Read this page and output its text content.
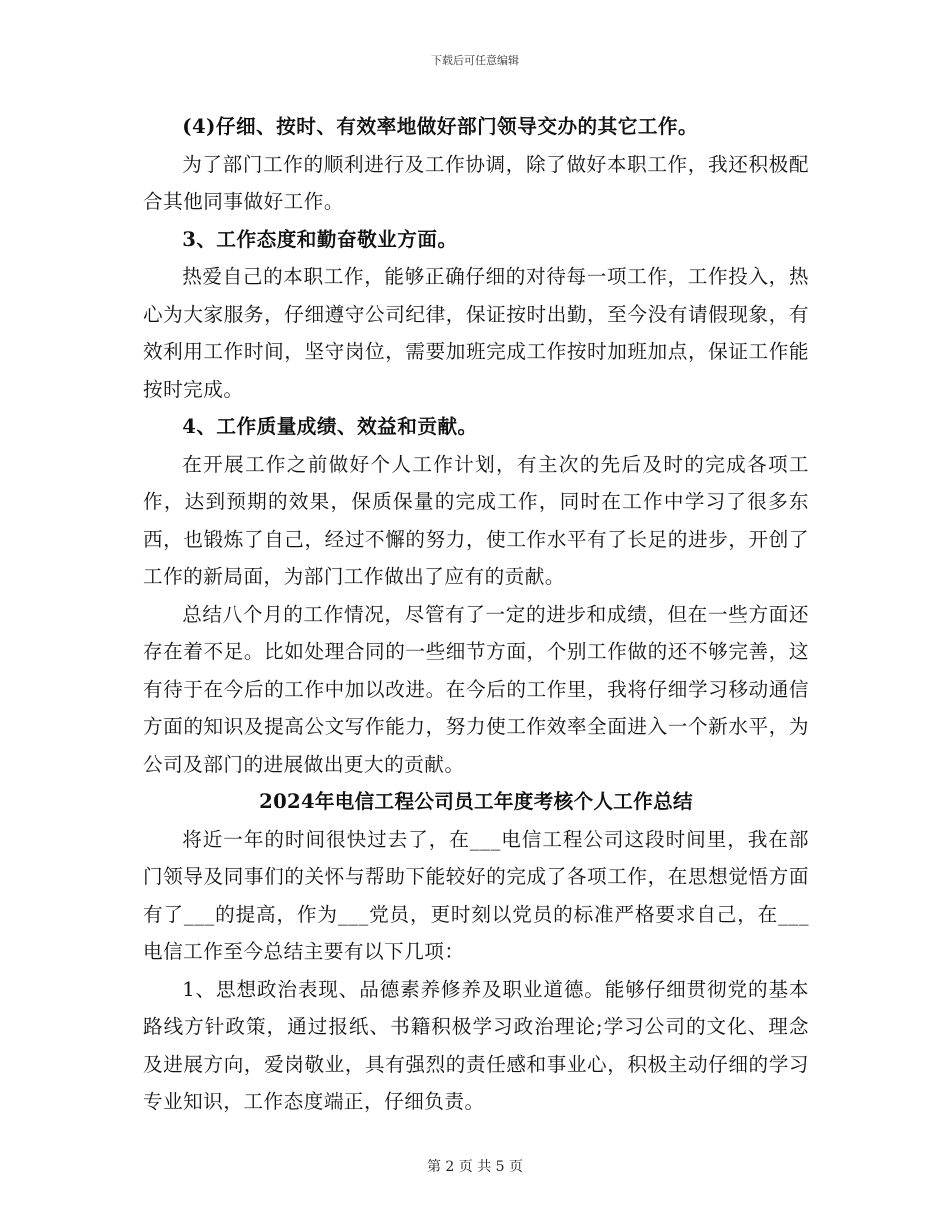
下载后可任意编辑

(4)仔细、按时、有效率地做好部门领导交办的其它工作。

为了部门工作的顺利进行及工作协调，除了做好本职工作，我还积极配合其他同事做好工作。

3、工作态度和勤奋敬业方面。

热爱自己的本职工作，能够正确仔细的对待每一项工作，工作投入，热心为大家服务，仔细遵守公司纪律，保证按时出勤，至今没有请假现象，有效利用工作时间，坚守岗位，需要加班完成工作按时加班加点，保证工作能按时完成。

4、工作质量成绩、效益和贡献。

在开展工作之前做好个人工作计划，有主次的先后及时的完成各项工作，达到预期的效果，保质保量的完成工作，同时在工作中学习了很多东西，也锻炼了自己，经过不懈的努力，使工作水平有了长足的进步，开创了工作的新局面，为部门工作做出了应有的贡献。

总结八个月的工作情况，尽管有了一定的进步和成绩，但在一些方面还存在着不足。比如处理合同的一些细节方面，个别工作做的还不够完善，这有待于在今后的工作中加以改进。在今后的工作里，我将仔细学习移动通信方面的知识及提高公文写作能力，努力使工作效率全面进入一个新水平，为公司及部门的进展做出更大的贡献。

2024年电信工程公司员工年度考核个人工作总结

将近一年的时间很快过去了，在___电信工程公司这段时间里，我在部门领导及同事们的关怀与帮助下能较好的完成了各项工作，在思想觉悟方面有了___的提高，作为___党员，更时刻以党员的标准严格要求自己，在___电信工作至今总结主要有以下几项：

1、思想政治表现、品德素养修养及职业道德。能够仔细贯彻党的基本路线方针政策，通过报纸、书籍积极学习政治理论;学习公司的文化、理念及进展方向，爱岗敬业，具有强烈的责任感和事业心，积极主动仔细的学习专业知识，工作态度端正，仔细负责。

第 2 页 共 5 页
